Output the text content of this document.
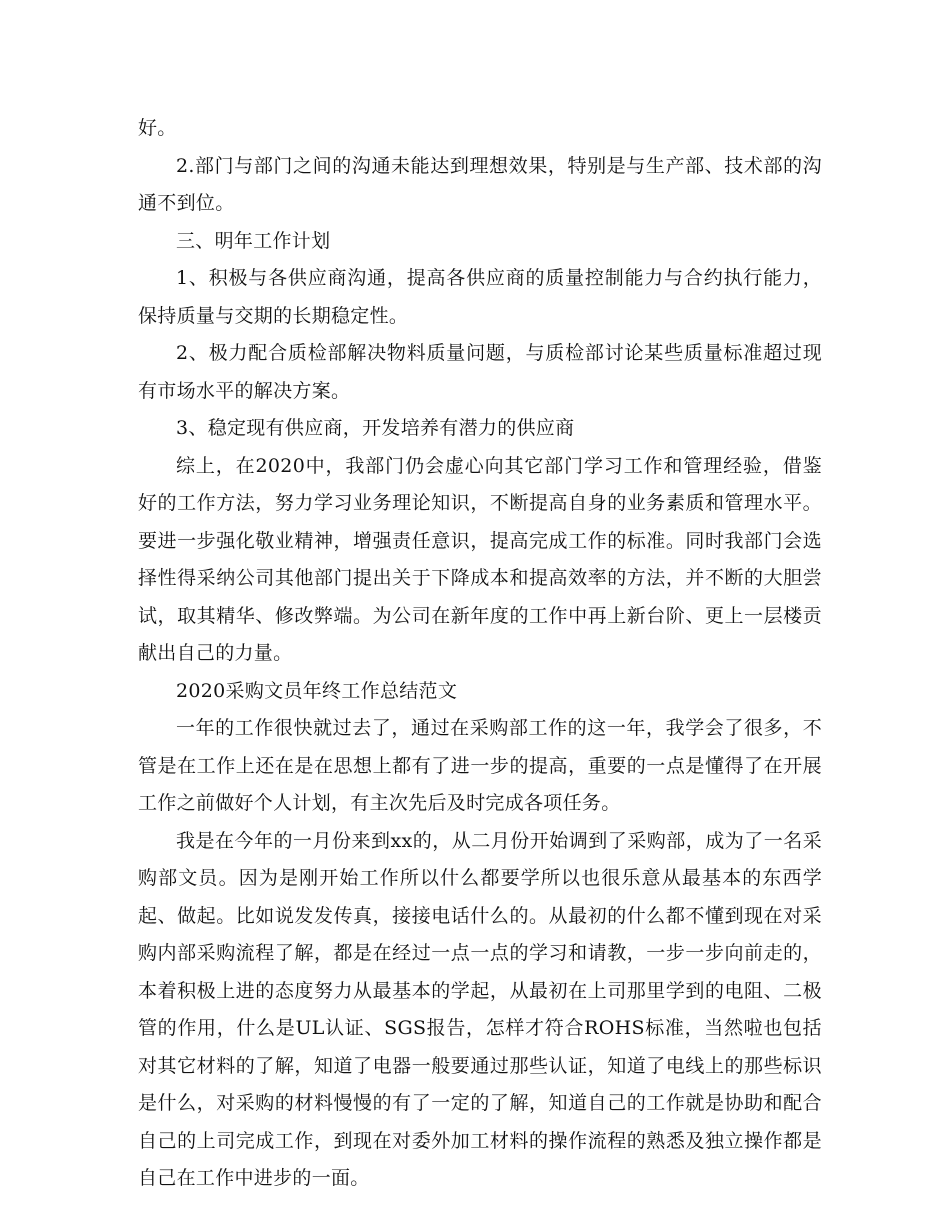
好。

2.部门与部门之间的沟通未能达到理想效果，特别是与生产部、技术部的沟通不到位。

三、明年工作计划

1、积极与各供应商沟通，提高各供应商的质量控制能力与合约执行能力，保持质量与交期的长期稳定性。

2、极力配合质检部解决物料质量问题，与质检部讨论某些质量标准超过现有市场水平的解决方案。

3、稳定现有供应商，开发培养有潜力的供应商

综上，在2020中，我部门仍会虚心向其它部门学习工作和管理经验，借鉴好的工作方法，努力学习业务理论知识，不断提高自身的业务素质和管理水平。要进一步强化敬业精神，增强责任意识，提高完成工作的标准。同时我部门会选择性得采纳公司其他部门提出关于下降成本和提高效率的方法，并不断的大胆尝试，取其精华、修改弊端。为公司在新年度的工作中再上新台阶、更上一层楼贡献出自己的力量。

2020采购文员年终工作总结范文

一年的工作很快就过去了，通过在采购部工作的这一年，我学会了很多，不管是在工作上还在是在思想上都有了进一步的提高，重要的一点是懂得了在开展工作之前做好个人计划，有主次先后及时完成各项任务。

我是在今年的一月份来到xx的，从二月份开始调到了采购部，成为了一名采购部文员。因为是刚开始工作所以什么都要学所以也很乐意从最基本的东西学起、做起。比如说发发传真，接接电话什么的。从最初的什么都不懂到现在对采购内部采购流程了解，都是在经过一点一点的学习和请教，一步一步向前走的，本着积极上进的态度努力从最基本的学起，从最初在上司那里学到的电阻、二极管的作用，什么是UL认证、SGS报告，怎样才符合ROHS标准，当然啦也包括对其它材料的了解，知道了电器一般要通过那些认证，知道了电线上的那些标识是什么，对采购的材料慢慢的有了一定的了解，知道自己的工作就是协助和配合自己的上司完成工作，到现在对委外加工材料的操作流程的熟悉及独立操作都是自己在工作中进步的一面。
